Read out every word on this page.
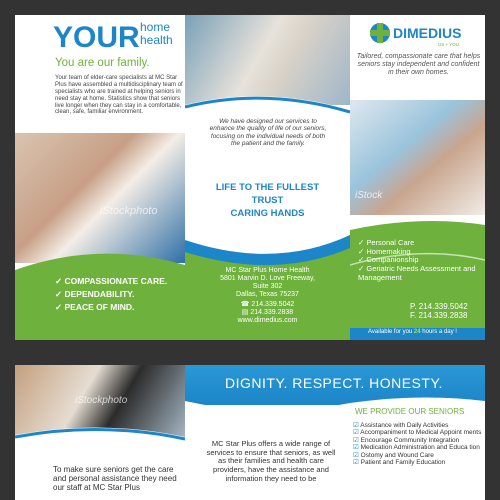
YOUR home
health
You are our family.
Your team of elder-care specialists at MC Star Plus have assembled a multidisciplinary team of specialists who are trained at helping seniors in need stay at home. Statistics show that seniors live longer when they can stay in a comfortable, clean, safe, familiar environment.
iStockphoto
✓ COMPASSIONATE CARE.
✓ DEPENDABILITY.
✓ PEACE OF MIND.
We have designed our services to enhance the quality of life of our seniors, focusing on the individual needs of both the patient and the family.
LIFE TO THE FULLEST
TRUST
CARING HANDS
MC Star Plus Home Health
5801 Marvin D. Love Freeway,
Suite 302
Dallas, Texas 75237
☎ 214.339.5042
▤ 214.339.2838
www.dimedius.com
DIMEDIUS
US + YOU
Tailored, compassionate care that helps seniors stay independent and confident in their own homes.
iStock
✓ Personal Care
✓ Homemaking
✓ Companionship
✓ Geriatric Needs Assessment and Management
P. 214.339.5042
F. 214.339.2838
Available for you 24 hours a day !
iStockphoto
To make sure seniors get the care and personal assistance they need our staff at MC Star Plus
MC Star Plus offers a wide range of services to ensure that seniors, as well as their families and health care providers, have the assistance and information they need to be
WE PROVIDE OUR SENIORS
☑ Assistance with Daily Activities
☑ Accompaniment to Medical Appoint ments
☑ Encourage Community Integration
☑ Medication Administration and Educa tion
☑ Ostomy and Wound Care
☑ Patient and Family Education
DIGNITY. RESPECT. HONESTY.
